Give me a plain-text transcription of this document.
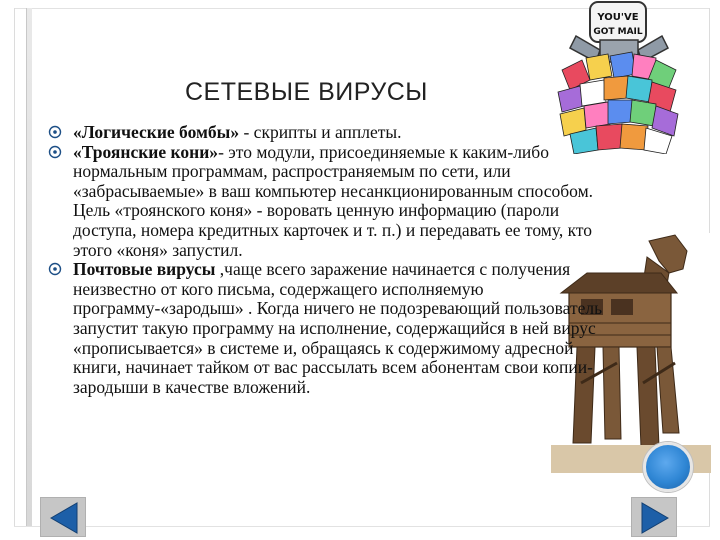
YOU'VE
GOT MAIL
СЕТЕВЫЕ ВИРУСЫ
«Логические бомбы» - скрипты и апплеты.
«Троянские кони»- это модули, присоединяемые к каким-либо нормальным программам, распространяемым по сети, или «забрасываемые» в ваш компьютер несанкционированным способом. Цель «троянского коня» - воровать ценную информацию (пароли доступа, номера кредитных карточек и т. п.) и передавать ее тому, кто этого «коня» запустил.
Почтовые вирусы ,чаще всего заражение начинается с получения неизвестно от кого письма, содержащего исполняемую программу-«зародыш» . Когда ничего не подозревающий пользователь запустит такую программу на исполнение, содержащийся в ней вирус «прописывается» в системе и, обращаясь к содержимому адресной книги, начинает тайком от вас рассылать всем абонентам свои копии-зародыши в качестве вложений.
